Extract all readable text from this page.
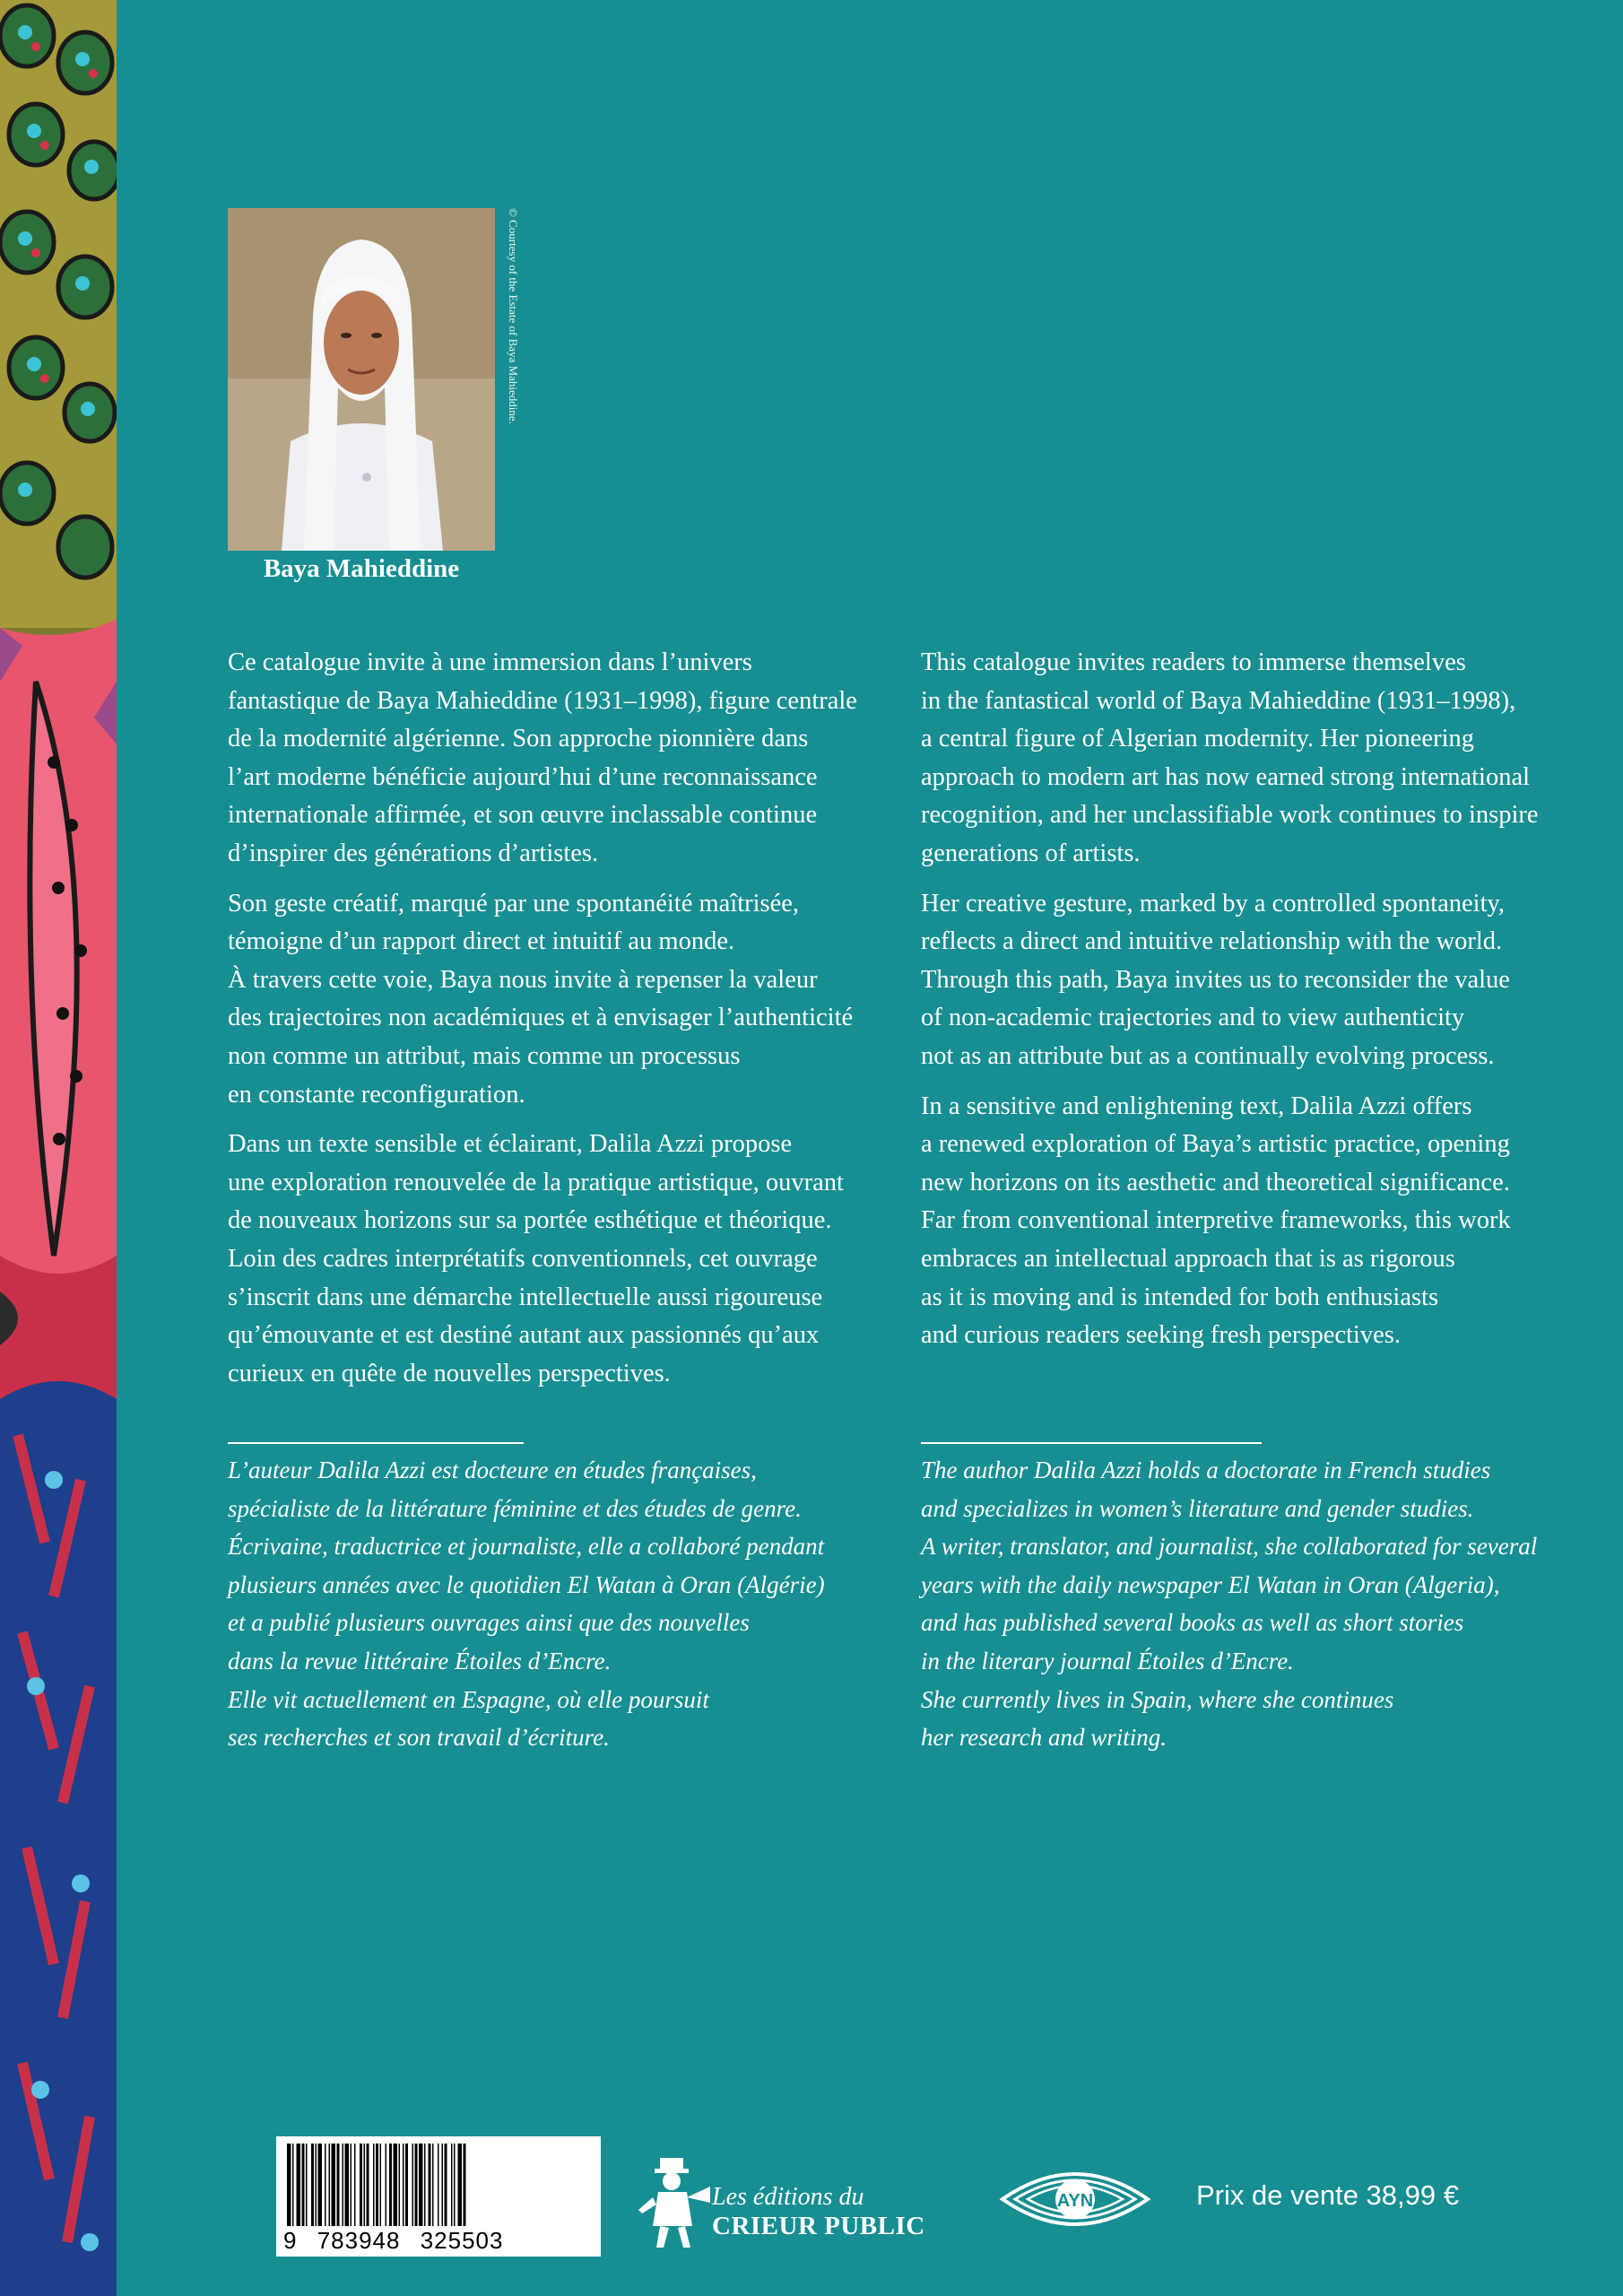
© Courtesy of the Estate of Baya Mahieddine.
Baya Mahieddine

Ce catalogue invite à une immersion dans l’univers
fantastique de Baya Mahieddine (1931–1998), figure centrale
de la modernité algérienne. Son approche pionnière dans
l’art moderne bénéficie aujourd’hui d’une reconnaissance
internationale affirmée, et son œuvre inclassable continue
d’inspirer des générations d’artistes.

Son geste créatif, marqué par une spontanéité maîtrisée,
témoigne d’un rapport direct et intuitif au monde.
À travers cette voie, Baya nous invite à repenser la valeur
des trajectoires non académiques et à envisager l’authenticité
non comme un attribut, mais comme un processus
en constante reconfiguration.

Dans un texte sensible et éclairant, Dalila Azzi propose
une exploration renouvelée de la pratique artistique, ouvrant
de nouveaux horizons sur sa portée esthétique et théorique.
Loin des cadres interprétatifs conventionnels, cet ouvrage
s’inscrit dans une démarche intellectuelle aussi rigoureuse
qu’émouvante et est destiné autant aux passionnés qu’aux
curieux en quête de nouvelles perspectives.

This catalogue invites readers to immerse themselves
in the fantastical world of Baya Mahieddine (1931–1998),
a central figure of Algerian modernity. Her pioneering
approach to modern art has now earned strong international
recognition, and her unclassifiable work continues to inspire
generations of artists.

Her creative gesture, marked by a controlled spontaneity,
reflects a direct and intuitive relationship with the world.
Through this path, Baya invites us to reconsider the value
of non-academic trajectories and to view authenticity
not as an attribute but as a continually evolving process.

In a sensitive and enlightening text, Dalila Azzi offers
a renewed exploration of Baya’s artistic practice, opening
new horizons on its aesthetic and theoretical significance.
Far from conventional interpretive frameworks, this work
embraces an intellectual approach that is as rigorous
as it is moving and is intended for both enthusiasts
and curious readers seeking fresh perspectives.

L’auteur Dalila Azzi est docteure en études françaises,
spécialiste de la littérature féminine et des études de genre.
Écrivaine, traductrice et journaliste, elle a collaboré pendant
plusieurs années avec le quotidien El Watan à Oran (Algérie)
et a publié plusieurs ouvrages ainsi que des nouvelles
dans la revue littéraire Étoiles d’Encre.
Elle vit actuellement en Espagne, où elle poursuit
ses recherches et son travail d’écriture.
The author Dalila Azzi holds a doctorate in French studies
and specializes in women’s literature and gender studies.
A writer, translator, and journalist, she collaborated for several
years with the daily newspaper El Watan in Oran (Algeria),
and has published several books as well as short stories
in the literary journal Étoiles d’Encre.
She currently lives in Spain, where she continues
her research and writing.
9 783948 325503
Les éditions du
CRIEUR PUBLIC
AYN	Prix de vente 38,99 €
